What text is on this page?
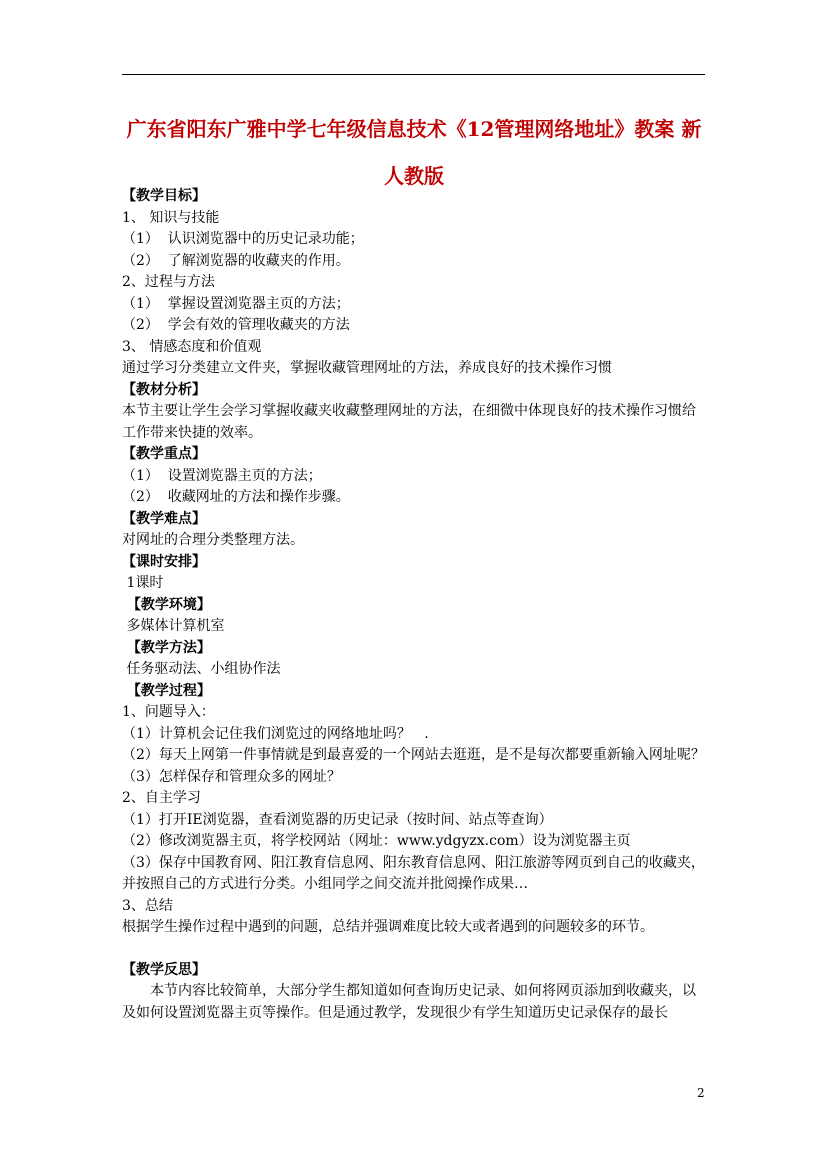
广东省阳东广雅中学七年级信息技术《12管理网络地址》教案 新人教版

【教学目标】

1、 知识与技能

（1）  认识浏览器中的历史记录功能；

（2）  了解浏览器的收藏夹的作用。

2、过程与方法

（1）  掌握设置浏览器主页的方法；

（2）  学会有效的管理收藏夹的方法

3、 情感态度和价值观

通过学习分类建立文件夹，掌握收藏管理网址的方法，养成良好的技术操作习惯

【教材分析】

本节主要让学生会学习掌握收藏夹收藏整理网址的方法，在细微中体现良好的技术操作习惯给工作带来快捷的效率。

【教学重点】

（1）  设置浏览器主页的方法；

（2）  收藏网址的方法和操作步骤。

【教学难点】

对网址的合理分类整理方法。

【课时安排】

1课时

【教学环境】

多媒体计算机室

【教学方法】

任务驱动法、小组协作法

【教学过程】

1、问题导入：

（1）计算机会记住我们浏览过的网络地址吗？   .

（2）每天上网第一件事情就是到最喜爱的一个网站去逛逛，是不是每次都要重新输入网址呢？

（3）怎样保存和管理众多的网址？

2、自主学习

（1）打开IE浏览器，查看浏览器的历史记录（按时间、站点等查询）

（2）修改浏览器主页，将学校网站（网址：www.ydgyzx.com）设为浏览器主页

（3）保存中国教育网、阳江教育信息网、阳东教育信息网、阳江旅游等网页到自己的收藏夹，并按照自己的方式进行分类。小组同学之间交流并批阅操作成果…

3、总结

根据学生操作过程中遇到的问题，总结并强调难度比较大或者遇到的问题较多的环节。

【教学反思】

本节内容比较简单，大部分学生都知道如何查询历史记录、如何将网页添加到收藏夹，以及如何设置浏览器主页等操作。但是通过教学，发现很少有学生知道历史记录保存的最长

2
